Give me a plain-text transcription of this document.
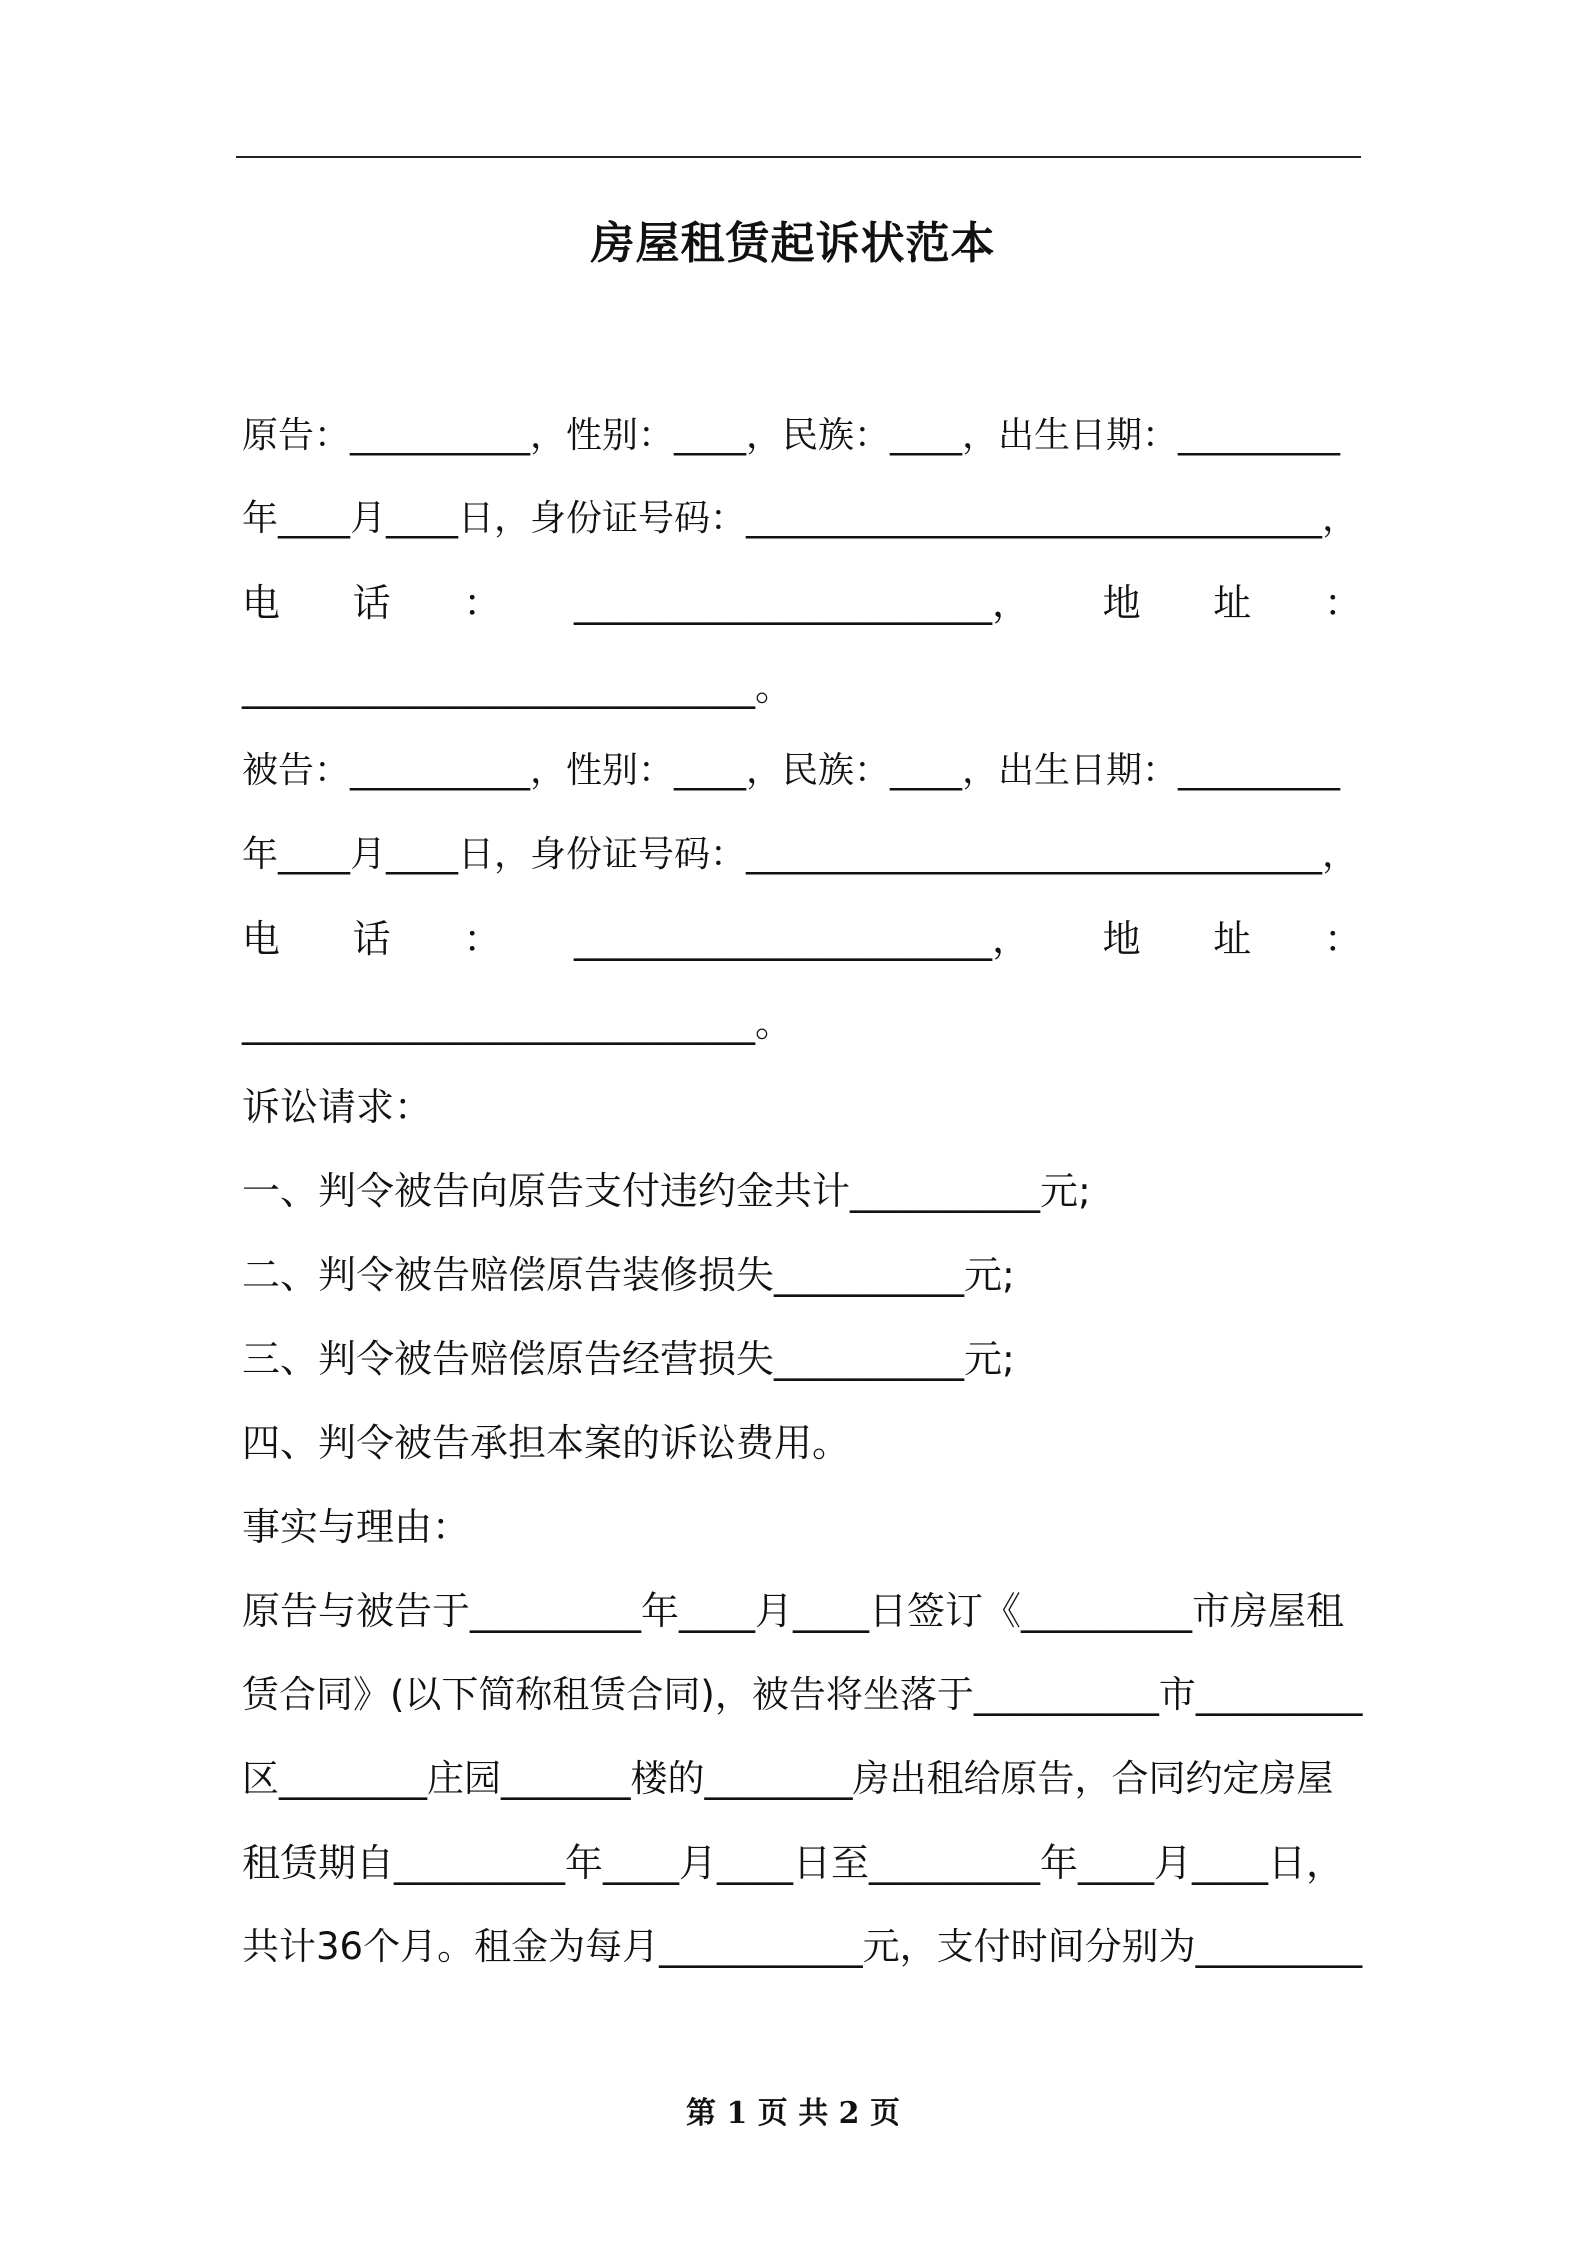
房屋租赁起诉状范本
原告：__________，性别：____，民族：____，出生日期：_________
年____月____日，身份证号码：________________________________，
电 话 ： ______________________， 地 址 ：
___________________________。
被告：__________，性别：____，民族：____，出生日期：_________
年____月____日，身份证号码：________________________________，
电 话 ： ______________________， 地 址 ：
___________________________。
诉讼请求：
一、判令被告向原告支付违约金共计__________元;
二、判令被告赔偿原告装修损失__________元;
三、判令被告赔偿原告经营损失__________元;
四、判令被告承担本案的诉讼费用。
事实与理由：
原告与被告于_________年____月____日签订《_________市房屋租
赁合同》(以下简称租赁合同)，被告将坐落于__________市_________
区________庄园_______楼的________房出租给原告，合同约定房屋
租赁期自_________年____月____日至_________年____月____日，
共计36个月。租金为每月___________元，支付时间分别为_________
第 1 页 共 2 页
